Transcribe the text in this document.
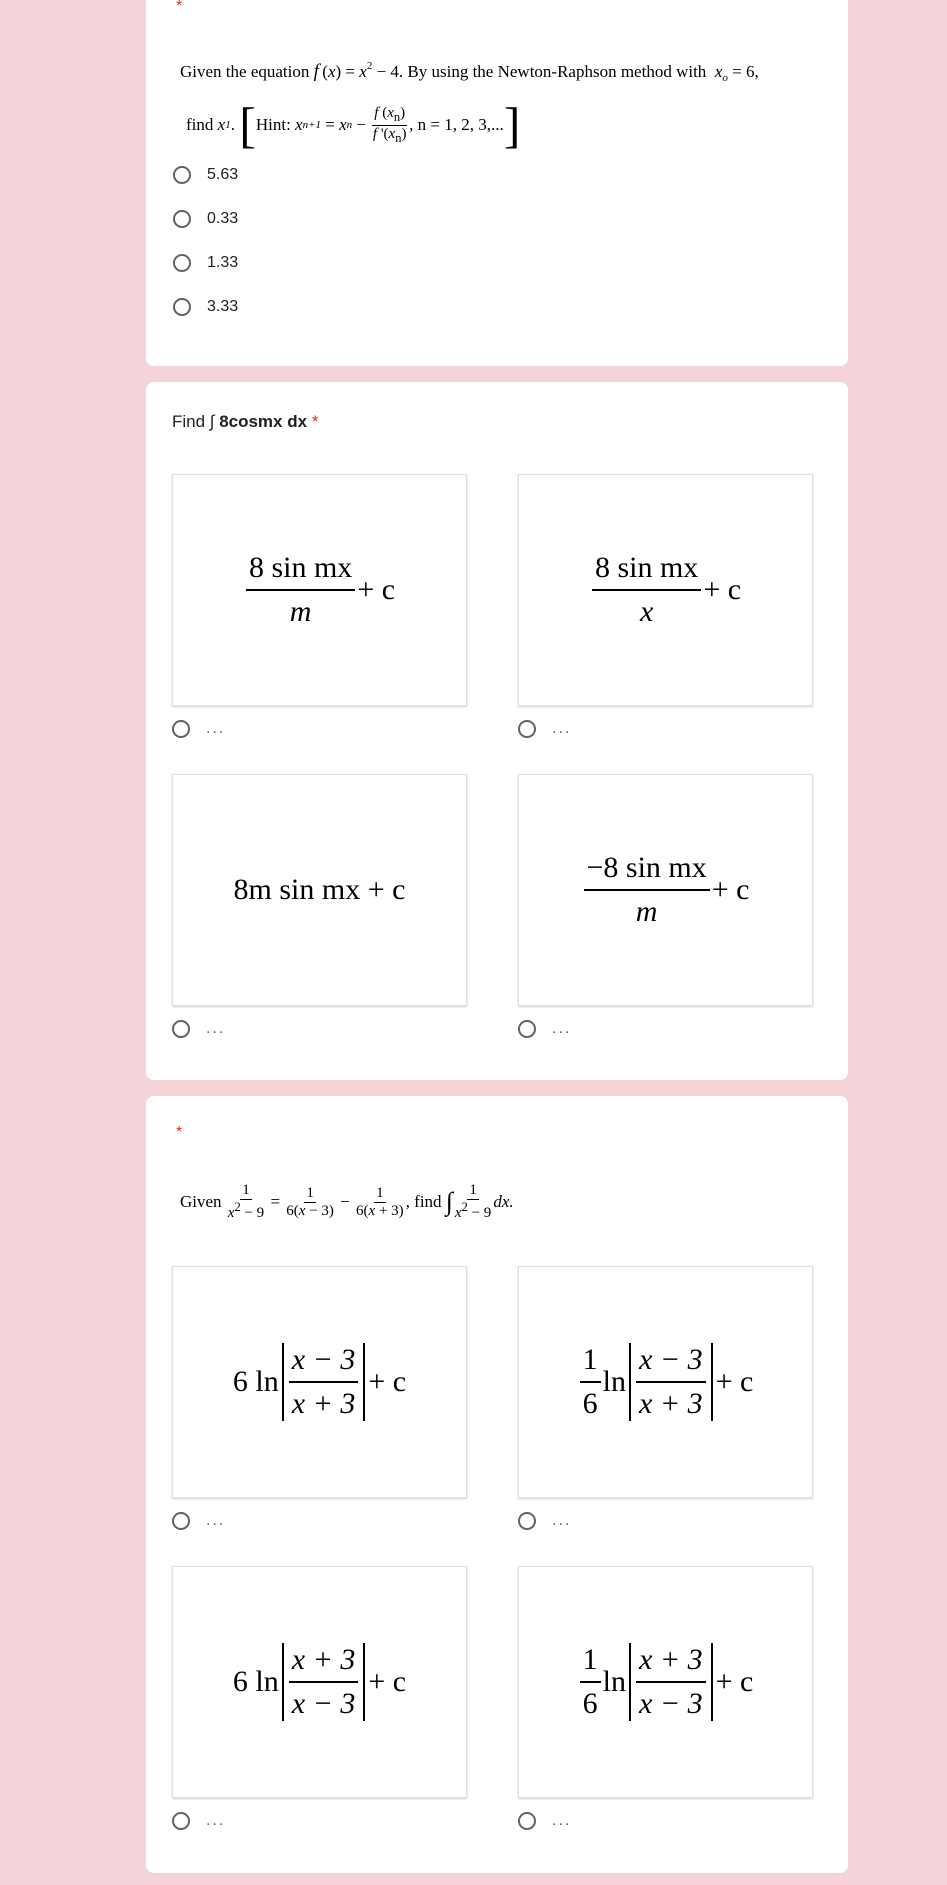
*
Given the equation f $(x) = x^2 - 4$. By using the Newton-Raphson method with $x_o = 6$,
find
x 1 . [ Hint:
x n+1 = x $n - \frac{f (x_n)}{f '(x_n)}$ , n = 1, 2, 3,... ]
5.63
0.33
1.33
3.33
Find ∫ 8cosmx dx *
$\frac{\text{8 sin mx}}{m} + c$
...
$\frac{\text{8 sin mx}}{x} + c$
...
8m sin mx + c
...
$\frac{\text{−8 sin mx}}{m} + c$
...
*
Given
$\frac{1}{x^2 - 9} = \frac{1}{6(x - 3)} - \frac{1}{6(x + 3)}$ , find
∫ $\frac{1}{x^2 - 9}$ dx.
6 $\ln \frac{x - 3}{x + 3} + c$
...
$\frac{1}{6}$ $\ln \frac{x - 3}{x + 3} + c$
...
6 $\ln \frac{x + 3}{x - 3} + c$
...
$\frac{1}{6}$ $\ln \frac{x + 3}{x - 3} + c$
...
